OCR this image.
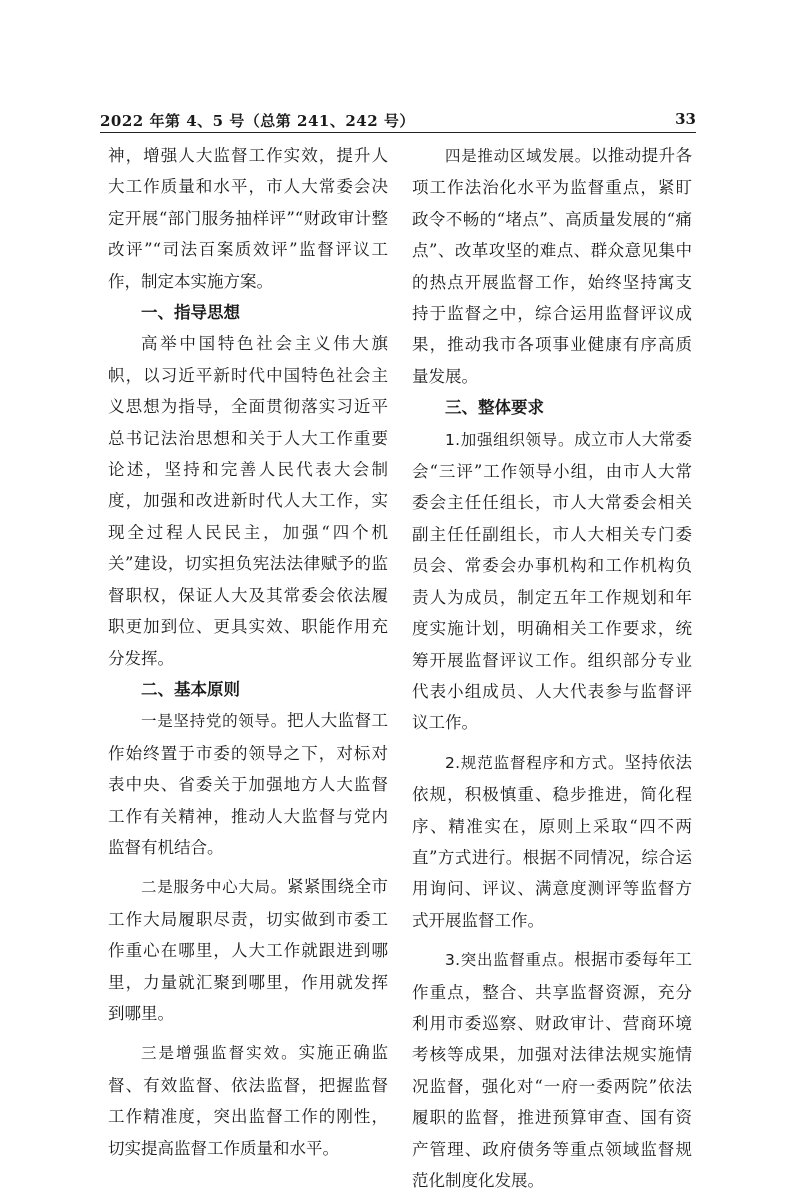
2022 年第 4、5 号（总第 241、242 号）	33

神，增强人大监督工作实效，提升人大工作质量和水平，市人大常委会决定开展“部门服务抽样评”“财政审计整改评”“司法百案质效评”监督评议工作，制定本实施方案。

一、指导思想

高举中国特色社会主义伟大旗帜，以习近平新时代中国特色社会主义思想为指导，全面贯彻落实习近平总书记法治思想和关于人大工作重要论述，坚持和完善人民代表大会制度，加强和改进新时代人大工作，实现全过程人民民主，加强“四个机关”建设，切实担负宪法法律赋予的监督职权，保证人大及其常委会依法履职更加到位、更具实效、职能作用充分发挥。

二、基本原则

一是坚持党的领导。把人大监督工作始终置于市委的领导之下，对标对表中央、省委关于加强地方人大监督工作有关精神，推动人大监督与党内监督有机结合。

二是服务中心大局。紧紧围绕全市工作大局履职尽责，切实做到市委工作重心在哪里，人大工作就跟进到哪里，力量就汇聚到哪里，作用就发挥到哪里。

三是增强监督实效。实施正确监督、有效监督、依法监督，把握监督工作精准度，突出监督工作的刚性，切实提高监督工作质量和水平。

四是推动区域发展。以推动提升各项工作法治化水平为监督重点，紧盯政令不畅的“堵点”、高质量发展的“痛点”、改革攻坚的难点、群众意见集中的热点开展监督工作，始终坚持寓支持于监督之中，综合运用监督评议成果，推动我市各项事业健康有序高质量发展。

三、整体要求

1.加强组织领导。成立市人大常委会“三评”工作领导小组，由市人大常委会主任任组长，市人大常委会相关副主任任副组长，市人大相关专门委员会、常委会办事机构和工作机构负责人为成员，制定五年工作规划和年度实施计划，明确相关工作要求，统筹开展监督评议工作。组织部分专业代表小组成员、人大代表参与监督评议工作。

2.规范监督程序和方式。坚持依法依规，积极慎重、稳步推进，简化程序、精准实在，原则上采取“四不两直”方式进行。根据不同情况，综合运用询问、评议、满意度测评等监督方式开展监督工作。

3.突出监督重点。根据市委每年工作重点，整合、共享监督资源，充分利用市委巡察、财政审计、营商环境考核等成果，加强对法律法规实施情况监督，强化对“一府一委两院”依法履职的监督，推进预算审查、国有资产管理、政府债务等重点领域监督规范化制度化发展。
